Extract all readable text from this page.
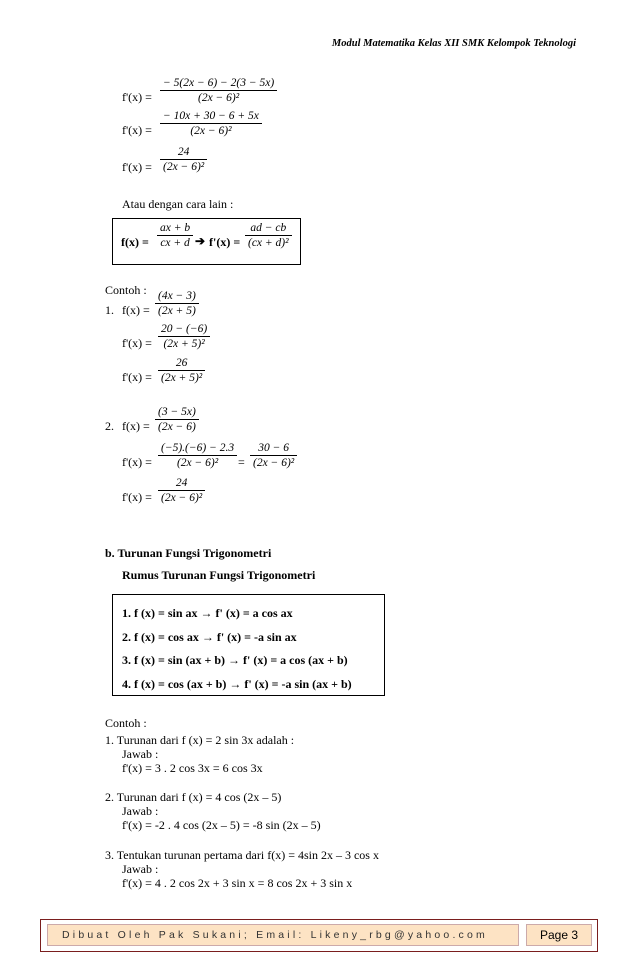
Modul Matematika Kelas XII SMK Kelompok Teknologi
f'(x) =
− 5(2x − 6) − 2(3 − 5x)
(2x − 6)²
f'(x) =
− 10x + 30 − 6 + 5x
(2x − 6)²
f'(x) =
24
(2x − 6)²
Atau dengan cara lain :
f(x) =
ax + b
cx + d ➔ f'(x) =
ad − cb
(cx + d)²
Contoh :
1. f(x) =
(4x − 3)
(2x + 5)
f'(x) =
20 − (−6)
(2x + 5)²
f'(x) =
26
(2x + 5)²
2. f(x) =
(3 − 5x)
(2x − 6)
f'(x) =
(−5).(−6) − 2.3
(2x − 6)² =
30 − 6
(2x − 6)²
f'(x) =
24
(2x − 6)²
b. Turunan Fungsi Trigonometri
Rumus Turunan Fungsi Trigonometri
1. f (x) = sin ax → f' (x) = a cos ax
2. f (x) = cos ax → f' (x) = -a sin ax
3. f (x) = sin (ax + b) → f' (x) = a cos (ax + b)
4. f (x) = cos (ax + b) → f' (x) = -a sin (ax + b)
Contoh :
1. Turunan dari f (x) = 2 sin 3x adalah :
Jawab :
f'(x) = 3 . 2 cos 3x = 6 cos 3x
2. Turunan dari f (x) = 4 cos (2x – 5)
Jawab :
f'(x) = -2 . 4 cos (2x – 5) = -8 sin (2x – 5)
3. Tentukan turunan pertama dari f(x) = 4sin 2x – 3 cos x
Jawab :
f'(x) = 4 . 2 cos 2x + 3 sin x = 8 cos 2x + 3 sin x
Dibuat Oleh Pak Sukani; Email: Likeny_rbg@yahoo.com	Page 3
